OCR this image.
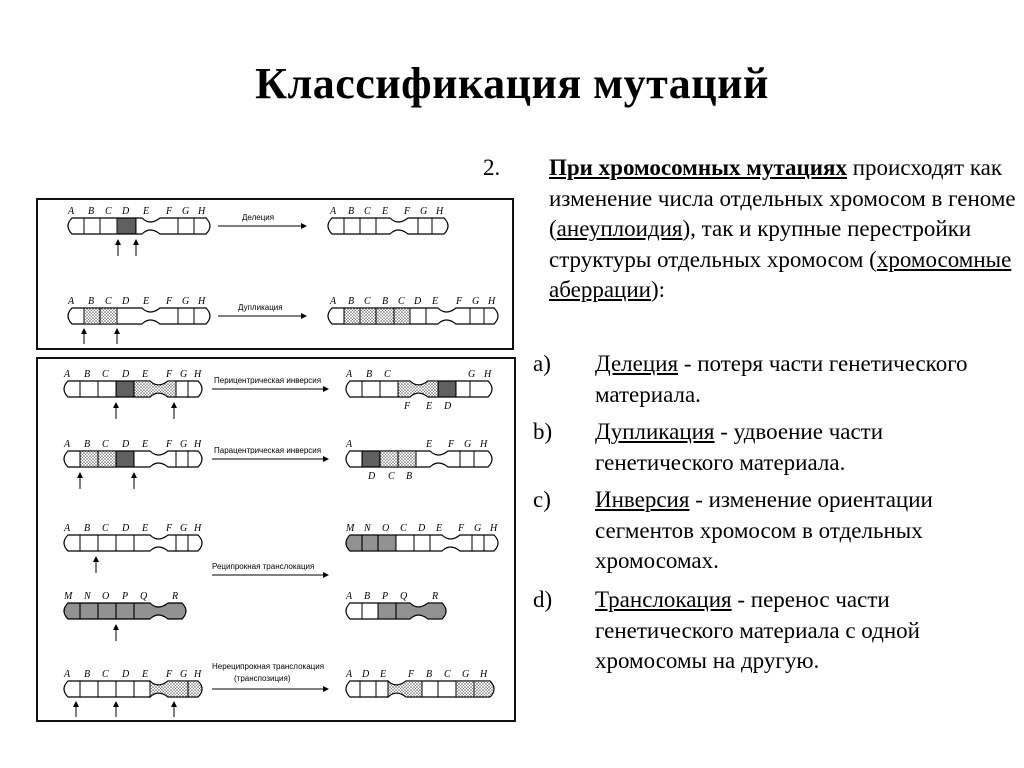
Классификация мутаций
A B C D E F G H
Делеция
A B C E F G H
A B C D E F G H
Дупликация
A B C B C D E F G H
A B C D E F G H
Перицентрическая инверсия
A B C	G H
F E D
A B C D E F G H
Парацентрическая инверсия
A	E F G H
D C B
A B C D E F G H
Реципрокная транслокация
M N O P Q R
M N O C D E F G H
A B P Q R
A B C D E F G H
Нереципрокная транслокация
(транспозиция)	A D E F B C G H
2.	При хромосомных мутациях происходят как изменение числа отдельных хромосом в геноме (анеуплоидия), так и крупные перестройки структуры отдельных хромосом (хромосомные аберрации):
a)	Делеция - потеря части генетического материала.
b)	Дупликация - удвоение части генетического материала.
c)	Инверсия - изменение ориентации сегментов хромосом в отдельных хромосомах.
d)	Транслокация - перенос части генетического материала с одной хромосомы на другую.
